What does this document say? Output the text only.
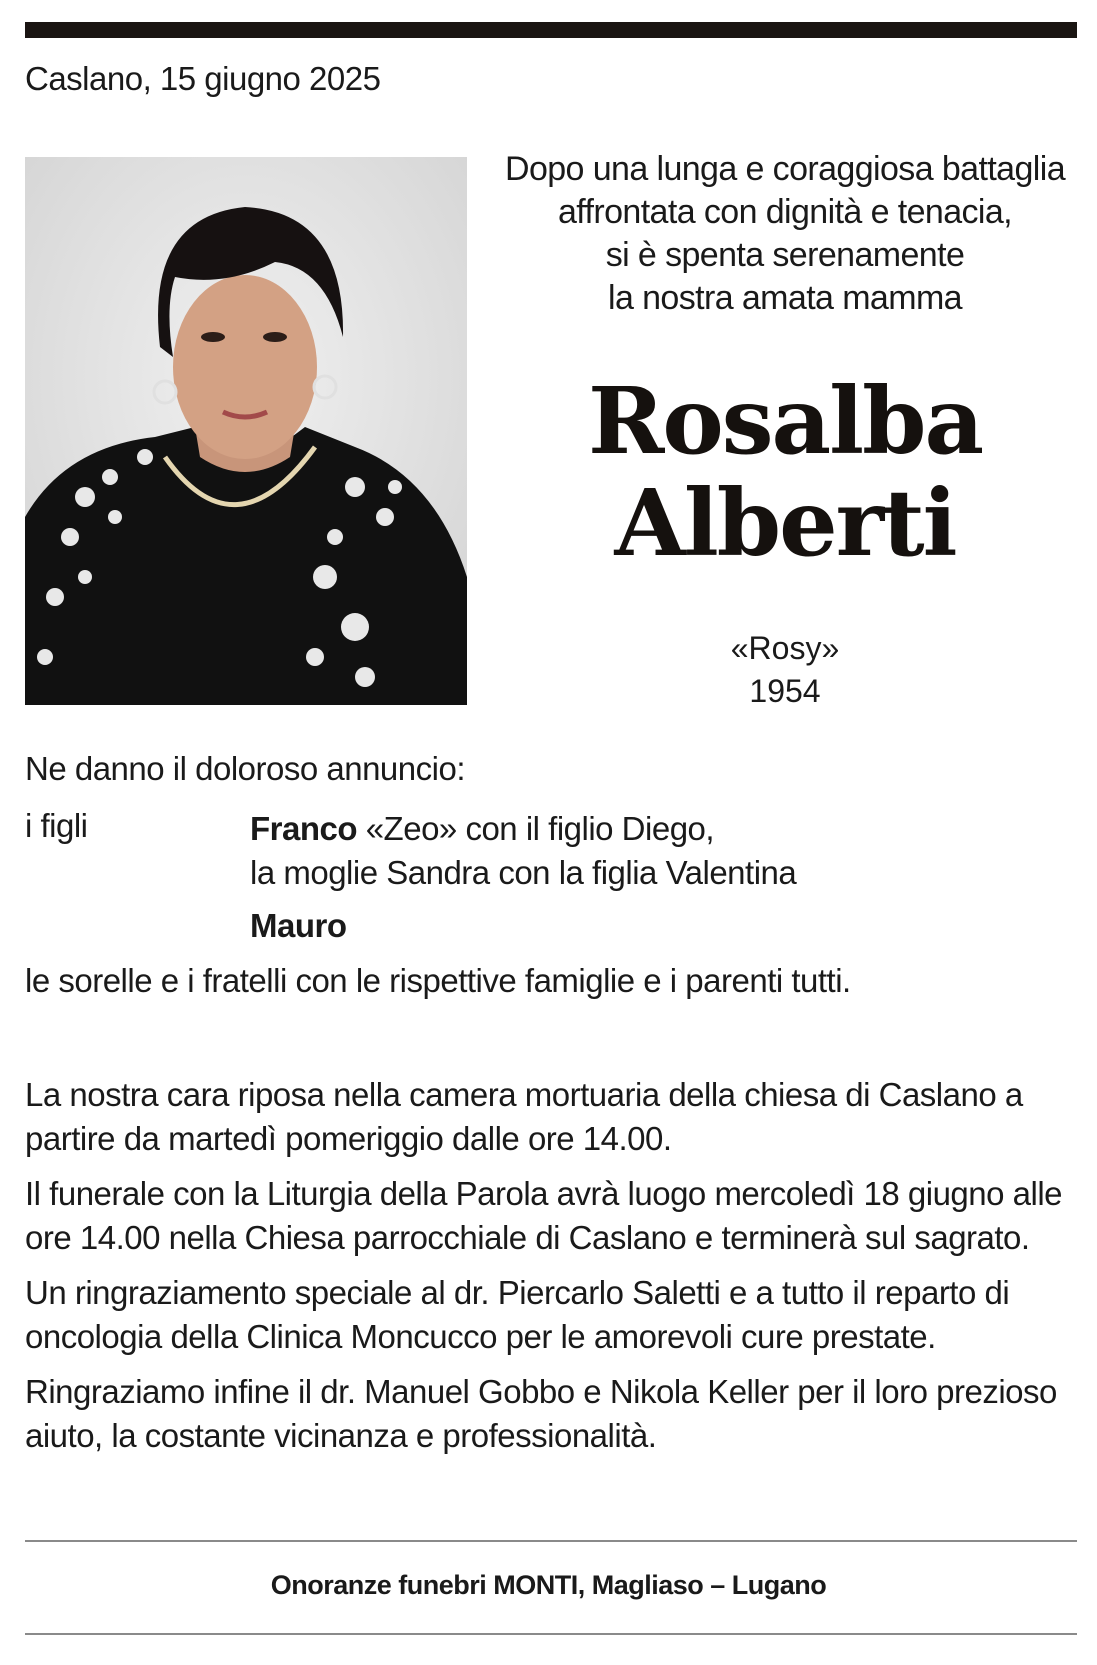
Caslano, 15 giugno 2025
Dopo una lunga e coraggiosa battaglia
affrontata con dignità e tenacia,
si è spenta serenamente
la nostra amata mamma
Rosalba
Alberti
«Rosy»
1954
Ne danno il doloroso annuncio:
i figli	Franco «Zeo» con il figlio Diego,
la moglie Sandra con la figlia Valentina
Mauro
le sorelle e i fratelli con le rispettive famiglie e i parenti tutti.

La nostra cara riposa nella camera mortuaria della chiesa di Caslano a partire da martedì pomeriggio dalle ore 14.00.

Il funerale con la Liturgia della Parola avrà luogo mercoledì 18 giugno alle ore 14.00 nella Chiesa parrocchiale di Caslano e terminerà sul sagrato.

Un ringraziamento speciale al dr. Piercarlo Saletti e a tutto il reparto di oncologia della Clinica Moncucco per le amorevoli cure prestate.

Ringraziamo infine il dr. Manuel Gobbo e Nikola Keller per il loro prezioso aiuto, la costante vicinanza e professionalità.

Onoranze funebri MONTI, Magliaso – Lugano
